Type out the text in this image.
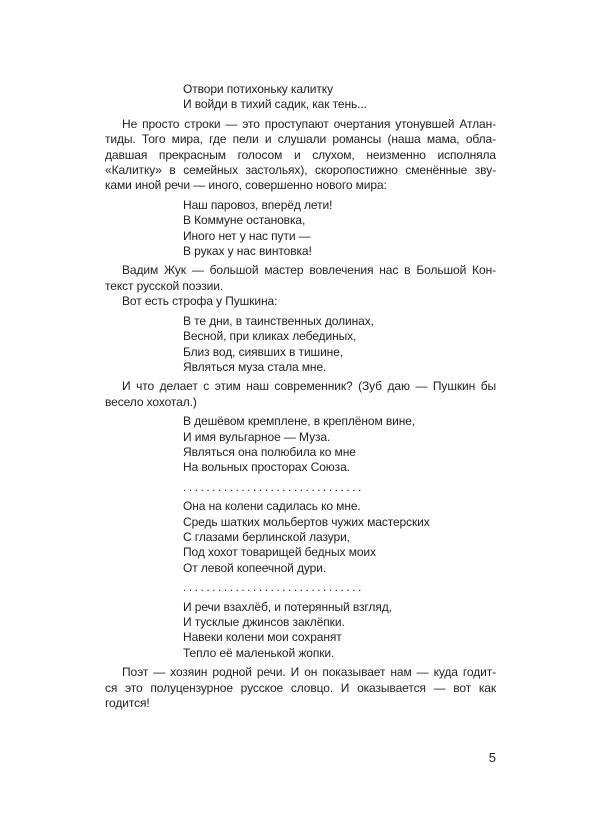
Отвори потихоньку калитку
И войди в тихий садик, как тень...
Не просто строки — это проступают очертания утонувшей Атлан-
тиды. Того мира, где пели и слушали романсы (наша мама, обла-
давшая прекрасным голосом и слухом, неизменно исполняла
«Калитку» в семейных застольях), скоропостижно сменённые зву-
ками иной речи — иного, совершенно нового мира:
Наш паровоз, вперёд лети!
В Коммуне остановка,
Иного нет у нас пути —
В руках у нас винтовка!
Вадим Жук — большой мастер вовлечения нас в Большой Кон-
текст русской поэзии.
Вот есть строфа у Пушкина:
В те дни, в таинственных долинах,
Весной, при кликах лебединых,
Близ вод, сиявших в тишине,
Являться муза стала мне.
И что делает с этим наш современник? (Зуб даю — Пушкин бы
весело хохотал.)
В дешёвом кремплене, в креплёном вине,
И имя вульгарное — Муза.
Являться она полюбила ко мне
На вольных просторах Союза.
...............................
Она на колени садилась ко мне.
Средь шатких мольбертов чужих мастерских
С глазами берлинской лазури,
Под хохот товарищей бедных моих
От левой копеечной дури.
...............................
И речи взахлёб, и потерянный взгляд,
И тусклые джинсов заклёпки.
Навеки колени мои сохранят
Тепло её маленькой жопки.
Поэт — хозяин родной речи. И он показывает нам — куда годит-
ся это полуцензурное русское словцо. И оказывается — вот как
годится!
5
